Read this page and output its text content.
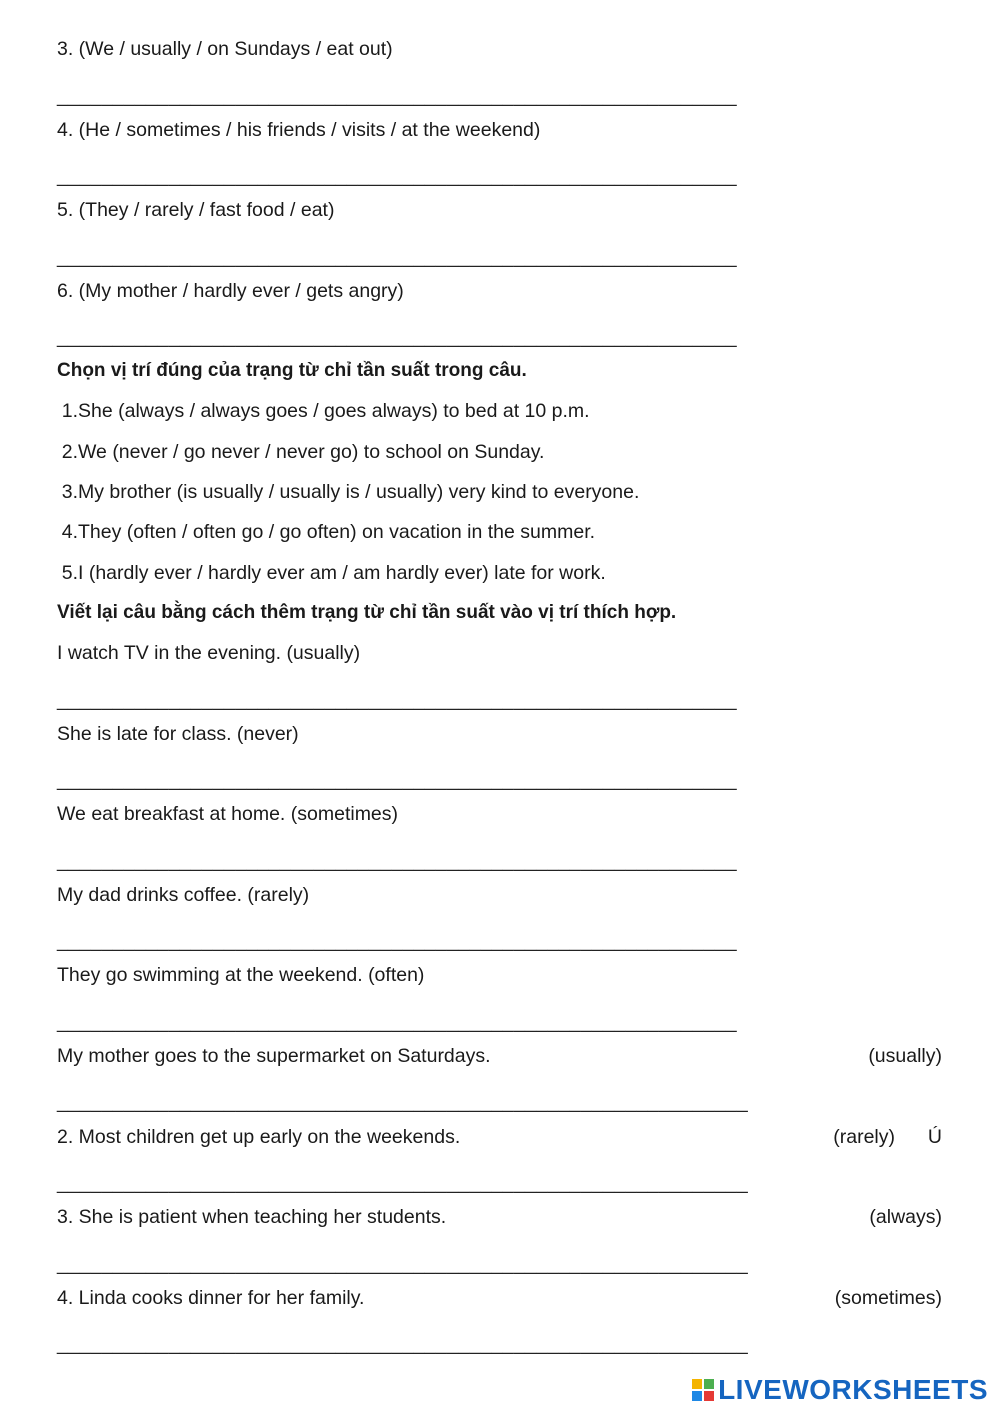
3. (We / usually / on Sundays / eat out)
_____________________________________________________________
4. (He / sometimes / his friends / visits / at the weekend)
_____________________________________________________________
5. (They / rarely / fast food / eat)
_____________________________________________________________
6. (My mother / hardly ever / gets angry)
_____________________________________________________________
Chọn vị trí đúng của trạng từ chỉ tần suất trong câu.
1.She (always / always goes / goes always) to bed at 10 p.m.
2.We (never / go never / never go) to school on Sunday.
3.My brother (is usually / usually is / usually) very kind to everyone.
4.They (often / often go / go often) on vacation in the summer.
5.I (hardly ever / hardly ever am / am hardly ever) late for work.
Viết lại câu bằng cách thêm trạng từ chỉ tần suất vào vị trí thích hợp.
I watch TV in the evening. (usually)
_____________________________________________________________
She is late for class. (never)
_____________________________________________________________
We eat breakfast at home. (sometimes)
_____________________________________________________________
My dad drinks coffee. (rarely)
_____________________________________________________________
They go swimming at the weekend. (often)
_____________________________________________________________
My mother goes to the supermarket on Saturdays.	(usually)
______________________________________________________________
2. Most children get up early on the weekends.	(rarely) Ú
______________________________________________________________
3. She is patient when teaching her students.	(always)
______________________________________________________________
4. Linda cooks dinner for her family.	(sometimes)
______________________________________________________________
LIVEWORKSHEETS
